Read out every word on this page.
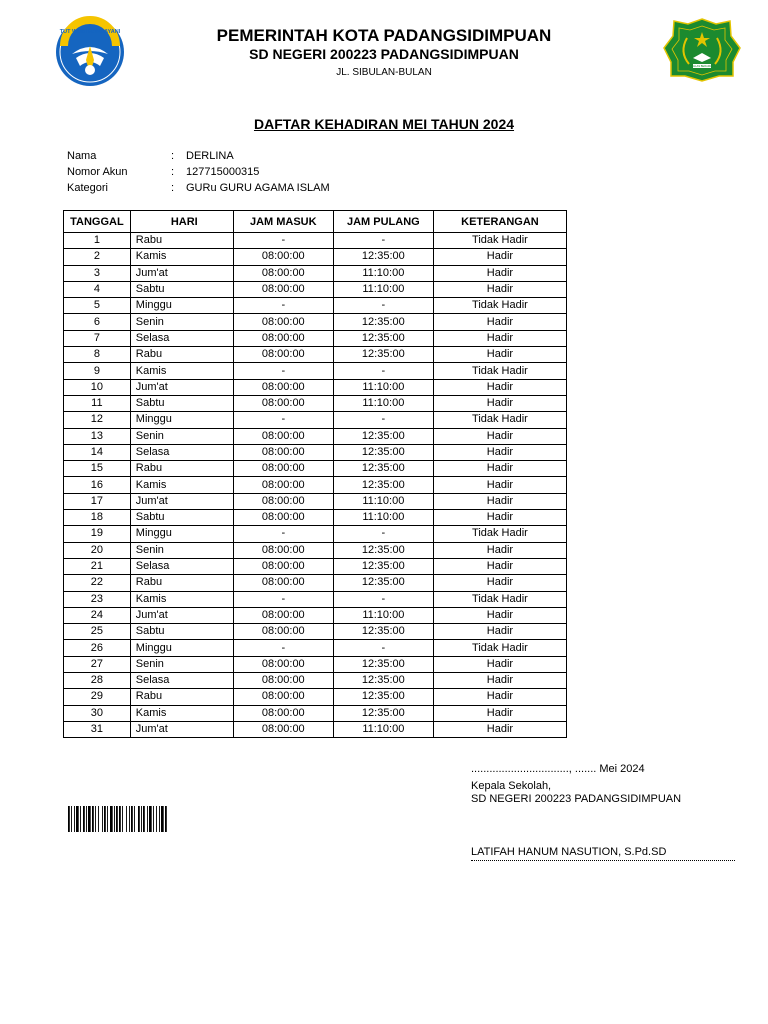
TUT WURI HANDAYANI
IKHLAS BERAMAL
PEMERINTAH KOTA PADANGSIDIMPUAN
SD NEGERI 200223 PADANGSIDIMPUAN
JL. SIBULAN-BULAN
DAFTAR KEHADIRAN MEI TAHUN 2024
Nama	:	DERLINA
Nomor Akun	:	127715000315
Kategori	:	GURu GURU AGAMA ISLAM
TANGGAL	HARI	JAM MASUK	JAM PULANG	KETERANGAN
1	Rabu	-	-	Tidak Hadir
2	Kamis	08:00:00	12:35:00	Hadir
3	Jum'at	08:00:00	11:10:00	Hadir
4	Sabtu	08:00:00	11:10:00	Hadir
5	Minggu	-	-	Tidak Hadir
6	Senin	08:00:00	12:35:00	Hadir
7	Selasa	08:00:00	12:35:00	Hadir
8	Rabu	08:00:00	12:35:00	Hadir
9	Kamis	-	-	Tidak Hadir
10	Jum'at	08:00:00	11:10:00	Hadir
11	Sabtu	08:00:00	11:10:00	Hadir
12	Minggu	-	-	Tidak Hadir
13	Senin	08:00:00	12:35:00	Hadir
14	Selasa	08:00:00	12:35:00	Hadir
15	Rabu	08:00:00	12:35:00	Hadir
16	Kamis	08:00:00	12:35:00	Hadir
17	Jum'at	08:00:00	11:10:00	Hadir
18	Sabtu	08:00:00	11:10:00	Hadir
19	Minggu	-	-	Tidak Hadir
20	Senin	08:00:00	12:35:00	Hadir
21	Selasa	08:00:00	12:35:00	Hadir
22	Rabu	08:00:00	12:35:00	Hadir
23	Kamis	-	-	Tidak Hadir
24	Jum'at	08:00:00	11:10:00	Hadir
25	Sabtu	08:00:00	12:35:00	Hadir
26	Minggu	-	-	Tidak Hadir
27	Senin	08:00:00	12:35:00	Hadir
28	Selasa	08:00:00	12:35:00	Hadir
29	Rabu	08:00:00	12:35:00	Hadir
30	Kamis	08:00:00	12:35:00	Hadir
31	Jum'at	08:00:00	11:10:00	Hadir
................................, ....... Mei 2024
Kepala Sekolah,
SD NEGERI 200223 PADANGSIDIMPUAN
LATIFAH HANUM NASUTION, S.Pd.SD
